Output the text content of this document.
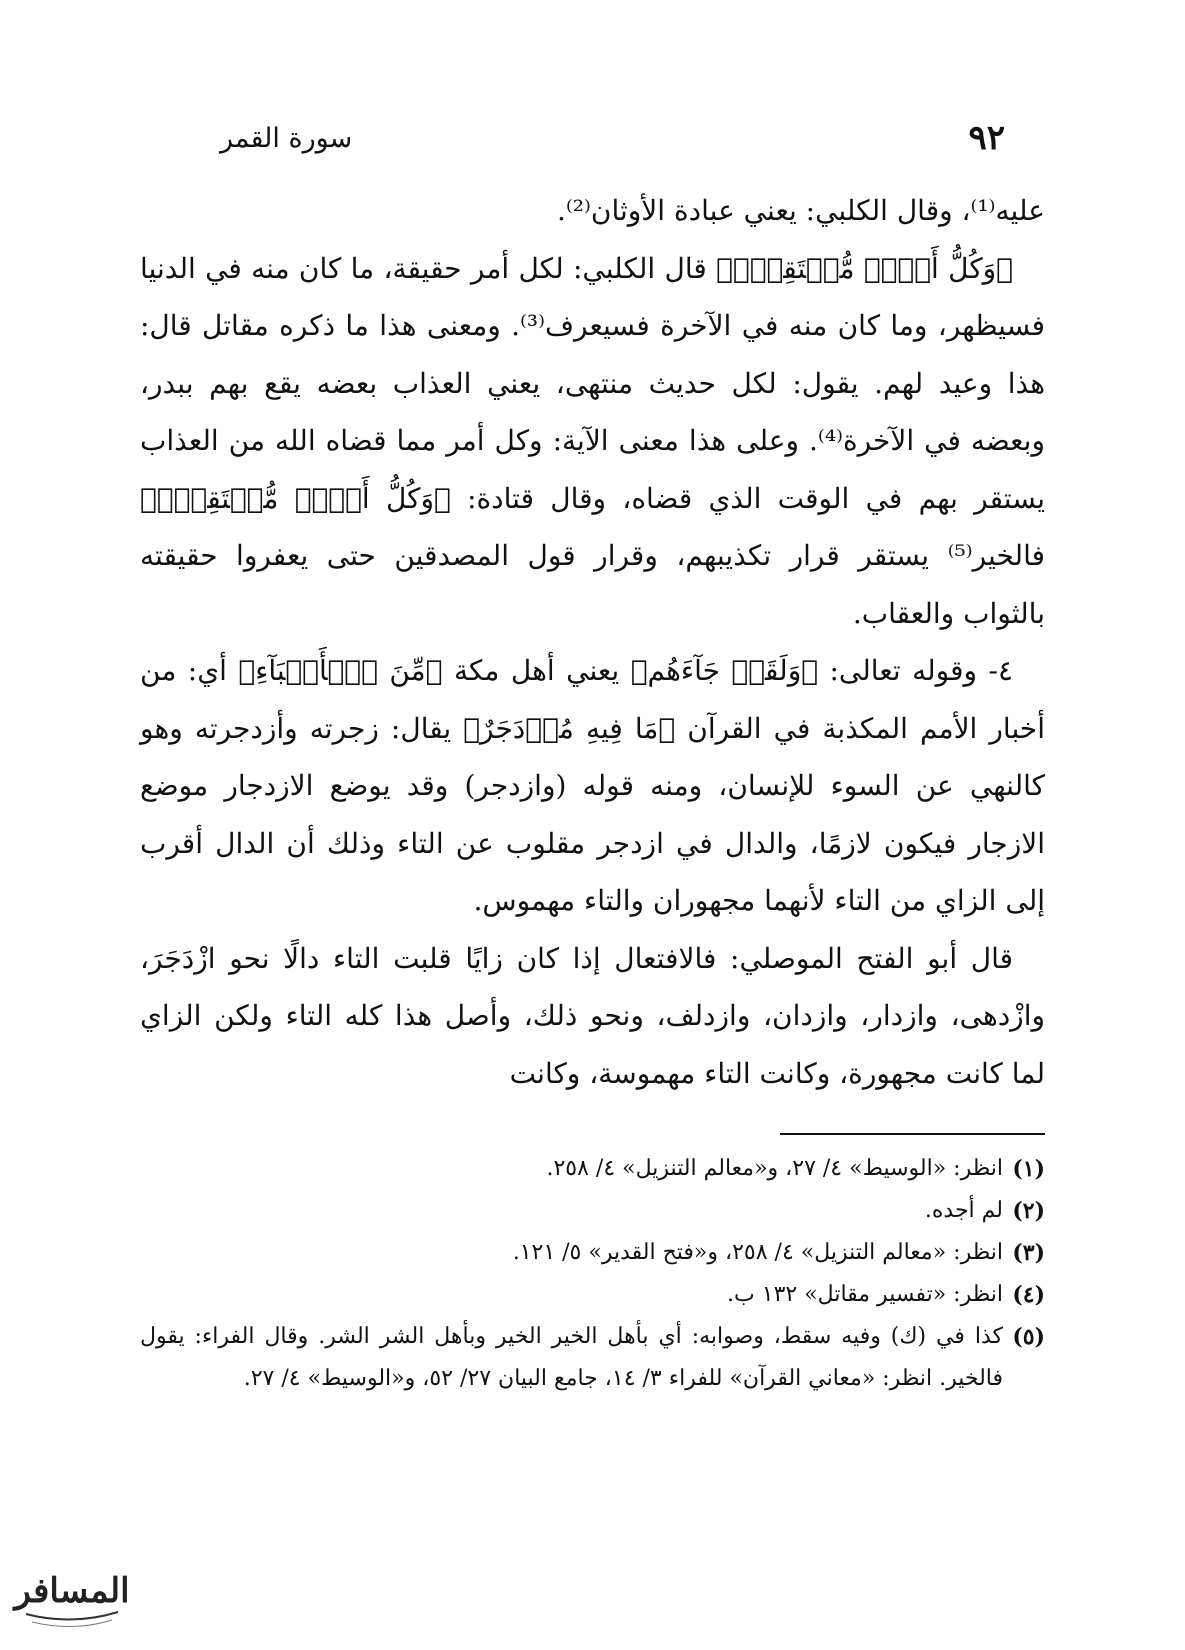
٩٢
سورة القمر

عليه⁽¹⁾، وقال الكلبي: يعني عبادة الأوثان⁽²⁾.

﴿وَكُلُّ أَمۡرٖ مُّسۡتَقِرّٞ﴾ قال الكلبي: لكل أمر حقيقة، ما كان منه في الدنيا فسيظهر، وما كان منه في الآخرة فسيعرف⁽³⁾. ومعنى هذا ما ذكره مقاتل قال: هذا وعيد لهم. يقول: لكل حديث منتهى، يعني العذاب بعضه يقع بهم ببدر، وبعضه في الآخرة⁽⁴⁾. وعلى هذا معنى الآية: وكل أمر مما قضاه الله من العذاب يستقر بهم في الوقت الذي قضاه، وقال قتادة: ﴿وَكُلُّ أَمۡرٖ مُّسۡتَقِرّٞ﴾ فالخير⁽⁵⁾ يستقر قرار تكذيبهم، وقرار قول المصدقين حتى يعفروا حقيقته بالثواب والعقاب.

٤- وقوله تعالى: ﴿وَلَقَدۡ جَآءَهُم﴾ يعني أهل مكة ﴿مِّنَ ٱلۡأَنۢبَآءِ﴾ أي: من أخبار الأمم المكذبة في القرآن ﴿مَا فِيهِ مُزۡدَجَرٌ﴾ يقال: زجرته وأزدجرته وهو كالنهي عن السوء للإنسان، ومنه قوله (وازدجر) وقد يوضع الازدجار موضع الازجار فيكون لازمًا، والدال في ازدجر مقلوب عن التاء وذلك أن الدال أقرب إلى الزاي من التاء لأنهما مجهوران والتاء مهموس.

قال أبو الفتح الموصلي: فالافتعال إذا كان زايًا قلبت التاء دالًا نحو ازْدَجَرَ، وازْدهى، وازدار، وازدان، وازدلف، ونحو ذلك، وأصل هذا كله التاء ولكن الزاي لما كانت مجهورة، وكانت التاء مهموسة، وكانت

(١)
انظر: «الوسيط» ٤/ ٢٧، و«معالم التنزيل» ٤/ ٢٥٨.
(٢)
لم أجده.
(٣)
انظر: «معالم التنزيل» ٤/ ٢٥٨، و«فتح القدير» ٥/ ١٢١.
(٤)
انظر: «تفسير مقاتل» ١٣٢ ب.
(٥)
كذا في (ك) وفيه سقط، وصوابه: أي بأهل الخير الخير وبأهل الشر الشر. وقال الفراء: يقول فالخير. انظر: «معاني القرآن» للفراء ٣/ ١٤، جامع البيان ٢٧/ ٥٢، و«الوسيط» ٤/ ٢٧.
المسافر
